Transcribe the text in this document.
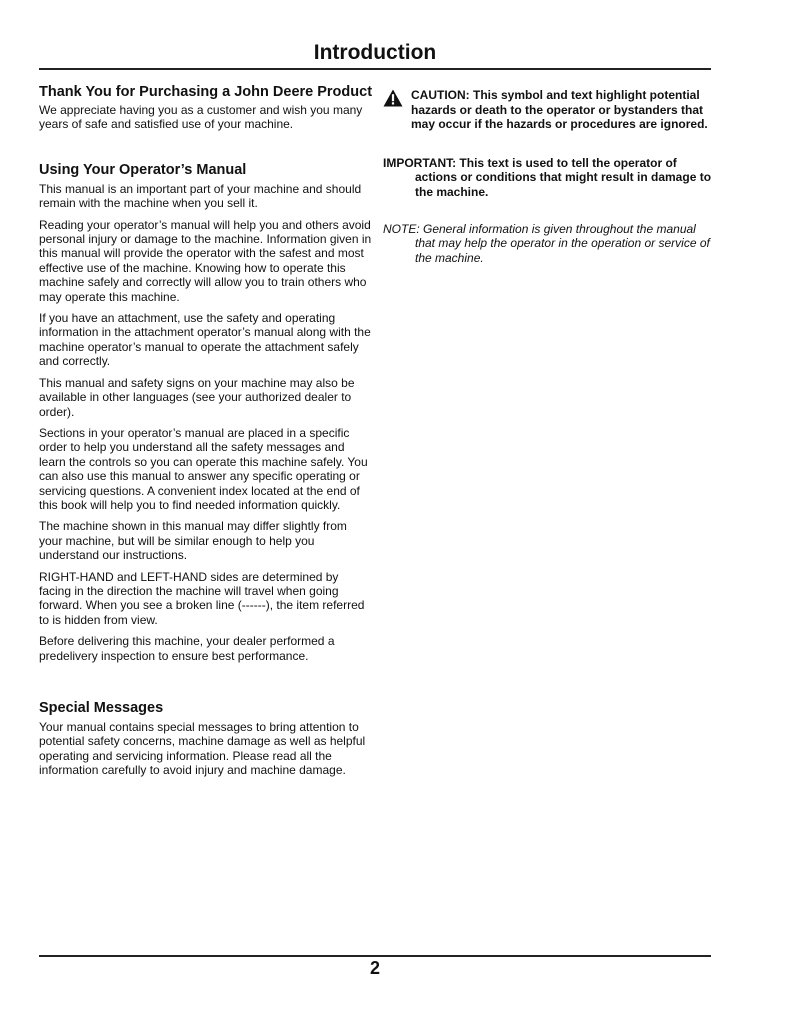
Introduction
Thank You for Purchasing a John Deere Product

We appreciate having you as a customer and wish you many years of safe and satisfied use of your machine.

Using Your Operator’s Manual

This manual is an important part of your machine and should remain with the machine when you sell it.

Reading your operator’s manual will help you and others avoid personal injury or damage to the machine. Information given in this manual will provide the operator with the safest and most effective use of the machine. Knowing how to operate this machine safely and correctly will allow you to train others who may operate this machine.

If you have an attachment, use the safety and operating information in the attachment operator’s manual along with the machine operator’s manual to operate the attachment safely and correctly.

This manual and safety signs on your machine may also be available in other languages (see your authorized dealer to order).

Sections in your operator’s manual are placed in a specific order to help you understand all the safety messages and learn the controls so you can operate this machine safely. You can also use this manual to answer any specific operating or servicing questions. A convenient index located at the end of this book will help you to find needed information quickly.

The machine shown in this manual may differ slightly from your machine, but will be similar enough to help you understand our instructions.

RIGHT-HAND and LEFT-HAND sides are determined by facing in the direction the machine will travel when going forward. When you see a broken line (------), the item referred to is hidden from view.

Before delivering this machine, your dealer performed a predelivery inspection to ensure best performance.

Special Messages

Your manual contains special messages to bring attention to potential safety concerns, machine damage as well as helpful operating and servicing information. Please read all the information carefully to avoid injury and machine damage.

CAUTION: This symbol and text highlight potential hazards or death to the operator or bystanders that may occur if the hazards or procedures are ignored.

IMPORTANT: This text is used to tell the operator of actions or conditions that might result in damage to the machine.

NOTE: General information is given throughout the manual that may help the operator in the operation or service of the machine.

2
